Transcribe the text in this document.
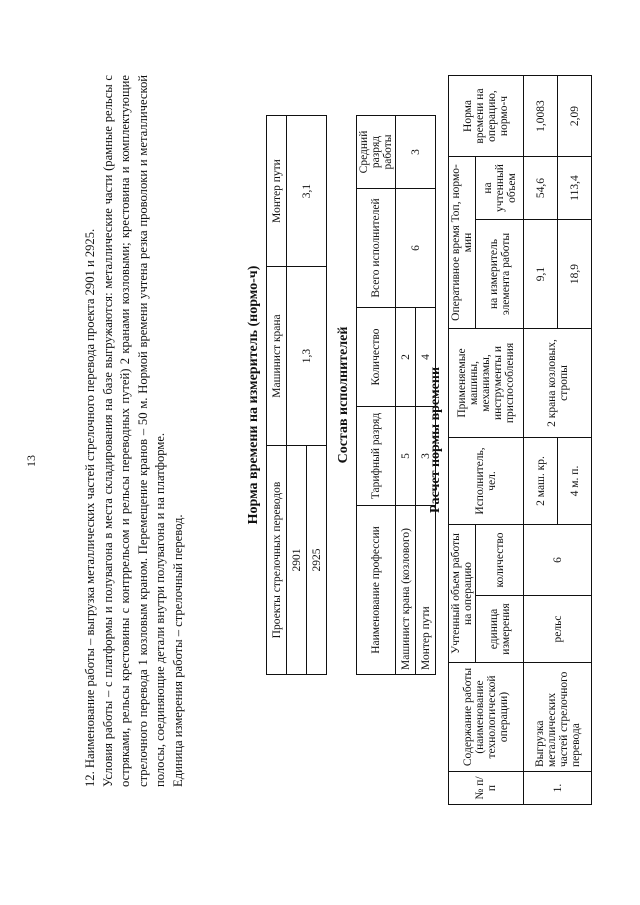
13	12. Наименование работы – выгрузка металлических частей стрелочного перевода проекта 2901 и 2925. Условия работы – с платформы и полувагона в места складирования на базе выгружаются: металлические части (рамные рельсы с остряками, рельсы крестовины с контррельсом и рельсы переводных путей) 2 кранами козловыми; крестовина и комплектующие стрелочного перевода 1 козловым краном. Перемещение кранов – 50 м. Нормой времени учтена резка проволоки и металлической полосы, соединяющие детали внутри полувагона и на платформе. Единица измерения работы – стрелочный перевод.

Норма времени на измеритель (нормо-ч)
Проекты стрелочных переводов	Машинист крана	Монтер пути
2901	1,3	3,1
2925		
Состав исполнителей
Наименование профессии	Тарифный разряд	Количество	Всего исполнителей	Средний разряд работы
Машинист крана (козлового)	5	2	6	3
Монтер пути	3	4		
Расчет нормы времени
№ п/п	Содержание работы (наименование технологической операции)	Учтенный объем работы на операцию		Исполнитель, чел.	Применяемые машины, механизмы, инструменты и приспособления	Оперативное время Топ, нормо-мин		Норма времени на операцию, нормо-ч
		единица измерения	количество			на измеритель элемента работы	на учтенный объем	
1.	Выгрузка металлических частей стрелочного перевода	рельс	6	2 маш. кр.	2 крана козловых, стропы	9,1	54,6	1,0083
				4 м. п.		18,9	113,4	2,09
